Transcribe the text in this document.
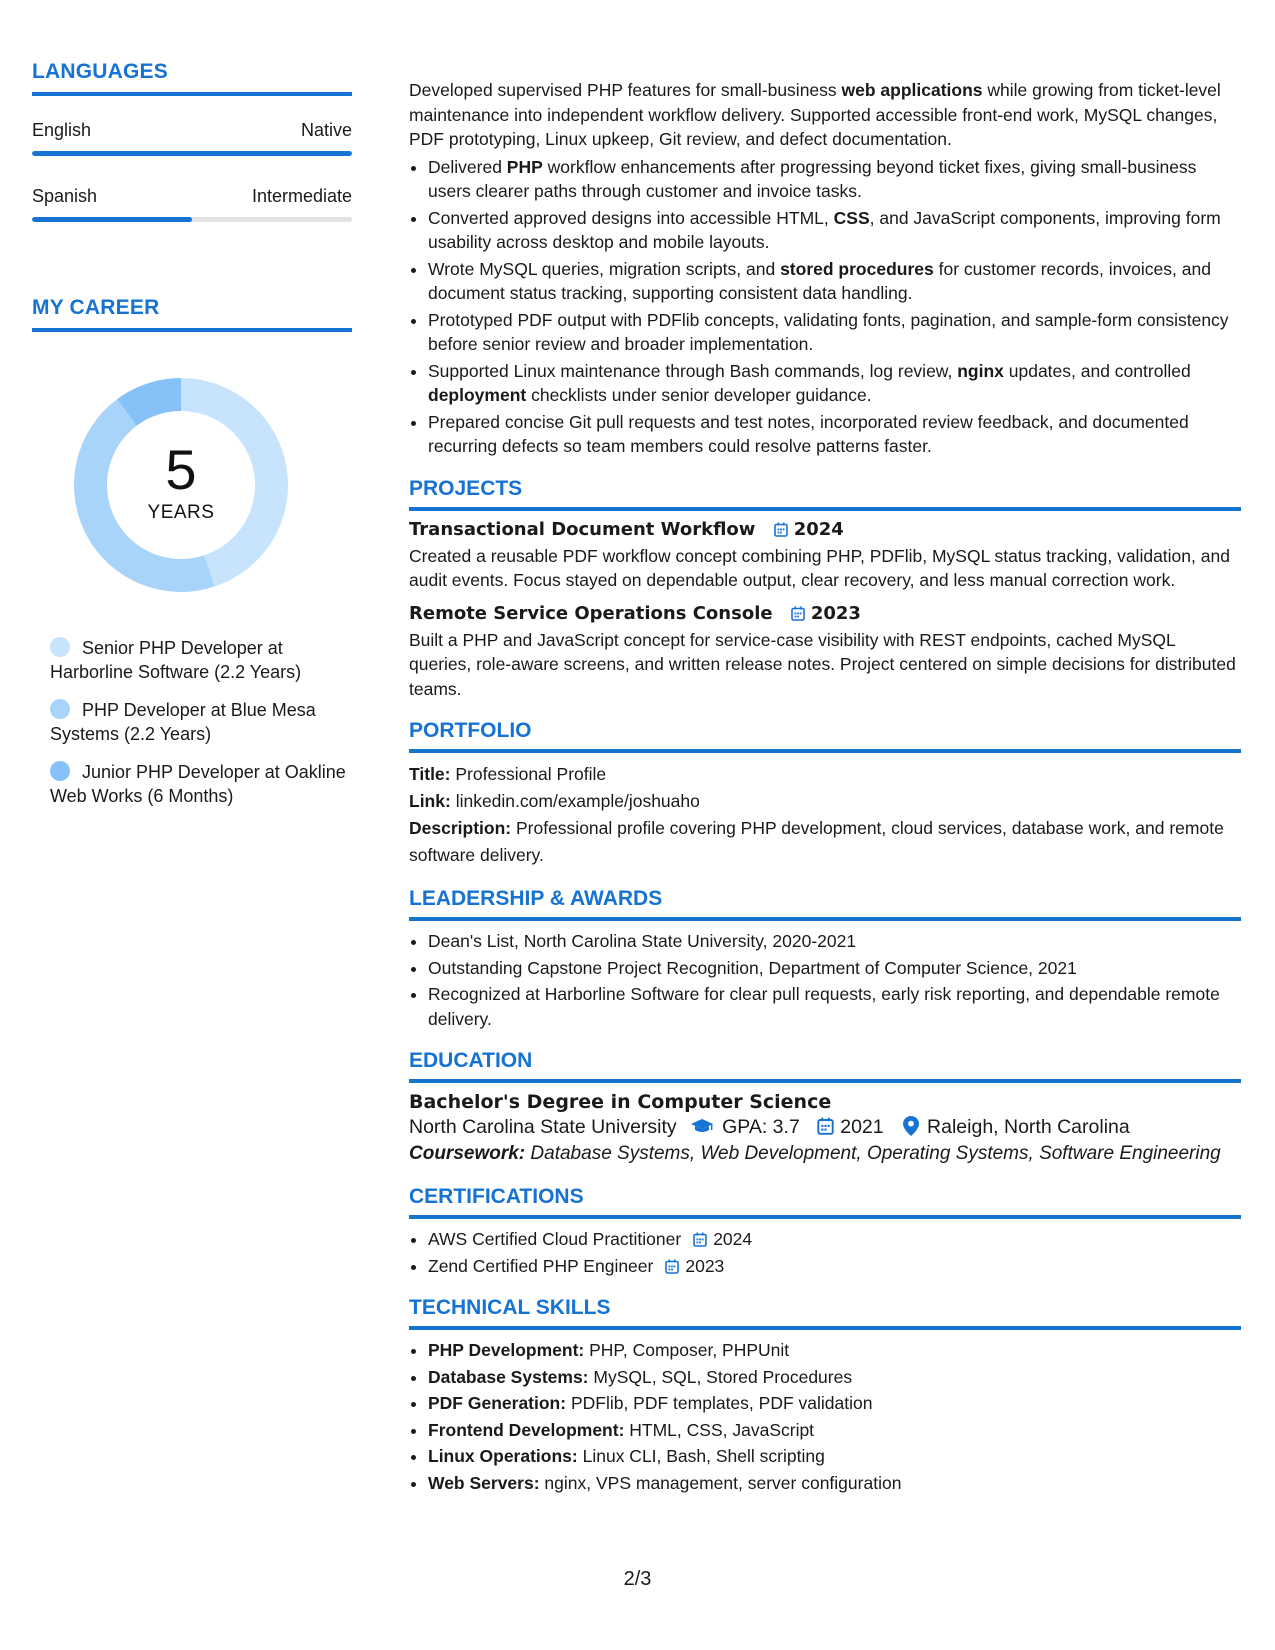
LANGUAGES
English	Native
Spanish	Intermediate
MY CAREER
5
YEARS
Senior PHP Developer at Harborline Software (2.2 Years)
PHP Developer at Blue Mesa Systems (2.2 Years)
Junior PHP Developer at Oakline Web Works (6 Months)

Developed supervised PHP features for small-business web applications while growing from ticket-level maintenance into independent workflow delivery. Supported accessible front-end work, MySQL changes, PDF prototyping, Linux upkeep, Git review, and defect documentation.

• Delivered PHP workflow enhancements after progressing beyond ticket fixes, giving small-business users clearer paths through customer and invoice tasks.
• Converted approved designs into accessible HTML, CSS, and JavaScript components, improving form usability across desktop and mobile layouts.
• Wrote MySQL queries, migration scripts, and stored procedures for customer records, invoices, and document status tracking, supporting consistent data handling.
• Prototyped PDF output with PDFlib concepts, validating fonts, pagination, and sample-form consistency before senior review and broader implementation.
• Supported Linux maintenance through Bash commands, log review, nginx updates, and controlled deployment checklists under senior developer guidance.
• Prepared concise Git pull requests and test notes, incorporated review feedback, and documented recurring defects so team members could resolve patterns faster.
PROJECTS
Transactional Document Workflow 2024

Created a reusable PDF workflow concept combining PHP, PDFlib, MySQL status tracking, validation, and audit events. Focus stayed on dependable output, clear recovery, and less manual correction work.

Remote Service Operations Console 2023

Built a PHP and JavaScript concept for service-case visibility with REST endpoints, cached MySQL queries, role-aware screens, and written release notes. Project centered on simple decisions for distributed teams.

PORTFOLIO

Title: Professional Profile

Link: linkedin.com/example/joshuaho

Description: Professional profile covering PHP development, cloud services, database work, and remote software delivery.

LEADERSHIP & AWARDS
• Dean's List, North Carolina State University, 2020-2021
• Outstanding Capstone Project Recognition, Department of Computer Science, 2021
• Recognized at Harborline Software for clear pull requests, early risk reporting, and dependable remote delivery.
EDUCATION
Bachelor's Degree in Computer Science
North Carolina State University GPA: 3.7 2021 Raleigh, North Carolina

Coursework: Database Systems, Web Development, Operating Systems, Software Engineering

CERTIFICATIONS
• AWS Certified Cloud Practitioner 2024
• Zend Certified PHP Engineer 2023
TECHNICAL SKILLS
• PHP Development: PHP, Composer, PHPUnit
• Database Systems: MySQL, SQL, Stored Procedures
• PDF Generation: PDFlib, PDF templates, PDF validation
• Frontend Development: HTML, CSS, JavaScript
• Linux Operations: Linux CLI, Bash, Shell scripting
• Web Servers: nginx, VPS management, server configuration
2/3
